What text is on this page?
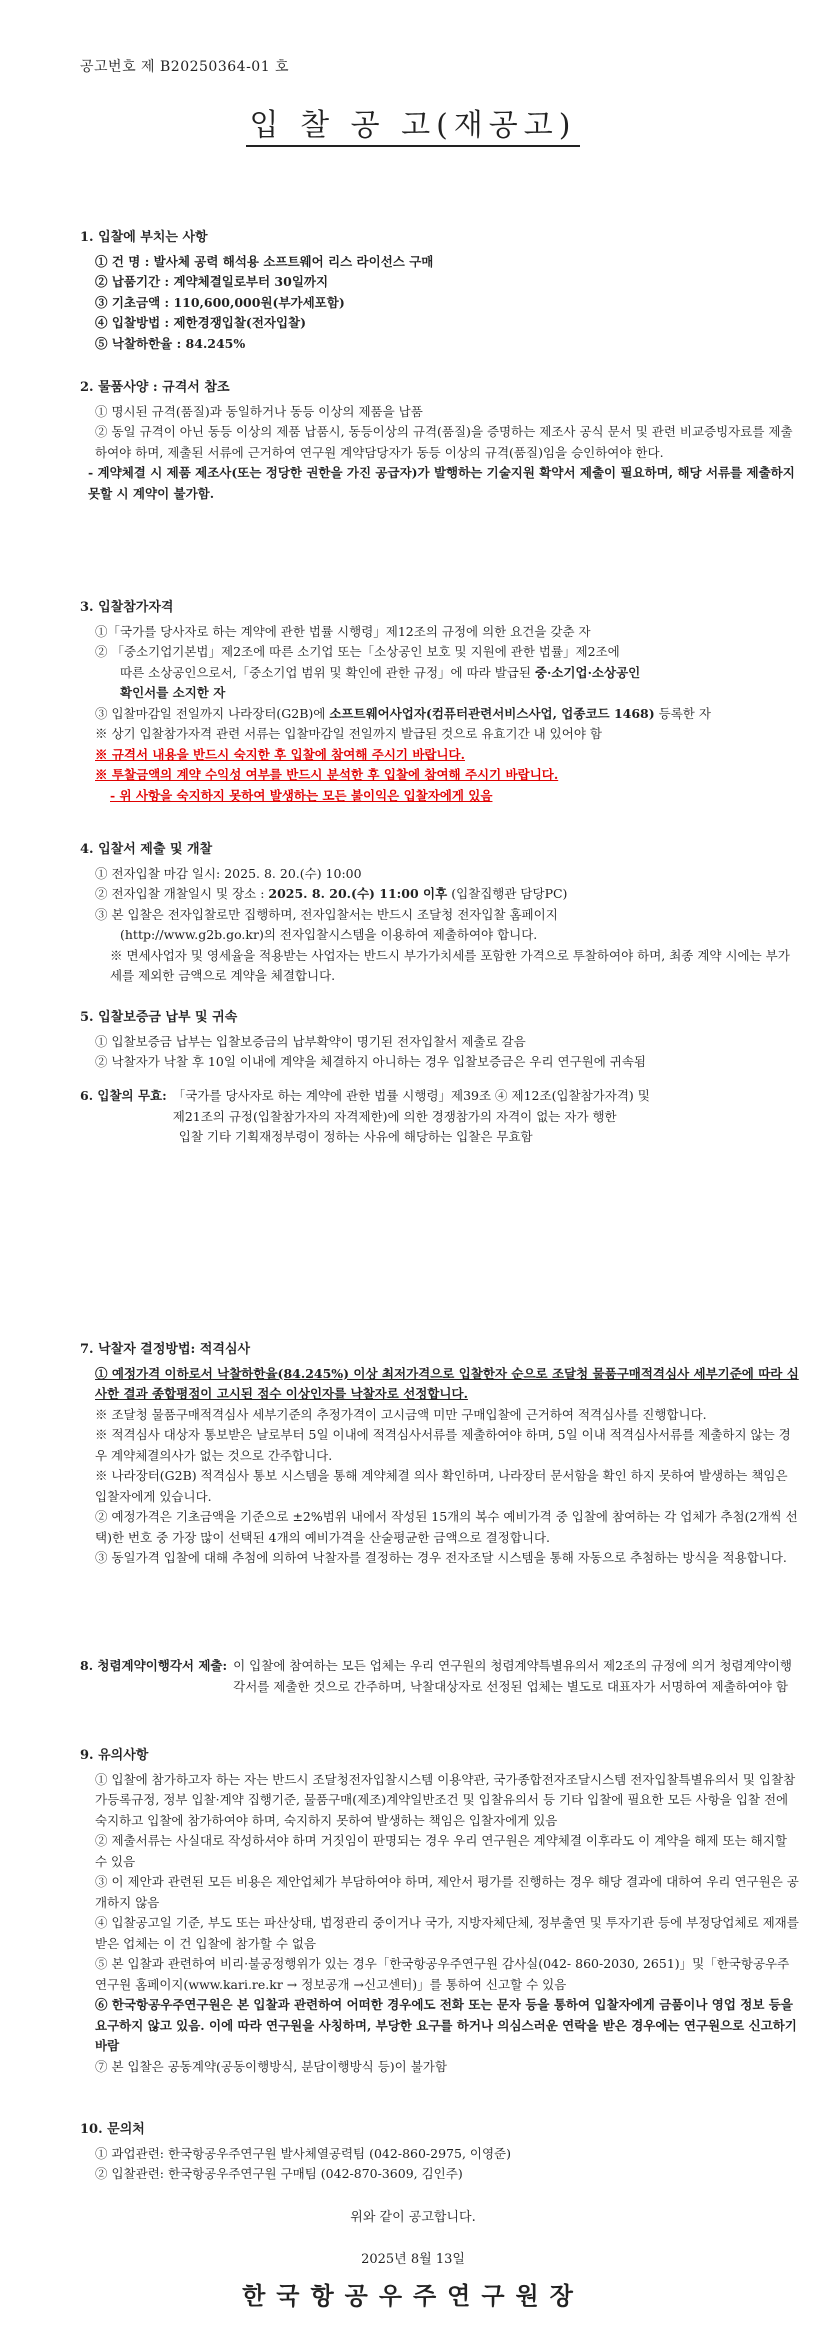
공고번호 제 B20250364-01 호
입 찰 공 고(재공고)
1. 입찰에 부치는 사항
① 건 명 : 발사체 공력 해석용 소프트웨어 리스 라이선스 구매
② 납품기간 : 계약체결일로부터 30일까지
③ 기초금액 : 110,600,000원(부가세포함)
④ 입찰방법 : 제한경쟁입찰(전자입찰)
⑤ 낙찰하한율 : 84.245%
2. 물품사양 : 규격서 참조
① 명시된 규격(품질)과 동일하거나 동등 이상의 제품을 납품
② 동일 규격이 아닌 동등 이상의 제품 납품시, 동등이상의 규격(품질)을 증명하는 제조사 공식 문서 및 관련 비교증빙자료를 제출 하여야 하며, 제출된 서류에 근거하여 연구원 계약담당자가 동등 이상의 규격(품질)임을 승인하여야 한다.
- 계약체결 시 제품 제조사(또는 정당한 권한을 가진 공급자)가 발행하는 기술지원 확약서 제출이 필요하며, 해당 서류를 제출하지 못할 시 계약이 불가함.
3. 입찰참가자격
①「국가를 당사자로 하는 계약에 관한 법률 시행령」제12조의 규정에 의한 요건을 갖춘 자
② 「중소기업기본법」제2조에 따른 소기업 또는「소상공인 보호 및 지원에 관한 법률」제2조에
따른 소상공인으로서,「중소기업 범위 및 확인에 관한 규정」에 따라 발급된 중·소기업·소상공인
확인서를 소지한 자
③ 입찰마감일 전일까지 나라장터(G2B)에 소프트웨어사업자(컴퓨터관련서비스사업, 업종코드 1468) 등록한 자
※ 상기 입찰참가자격 관련 서류는 입찰마감일 전일까지 발급된 것으로 유효기간 내 있어야 함
※ 규격서 내용을 반드시 숙지한 후 입찰에 참여해 주시기 바랍니다.
※ 투찰금액의 계약 수익성 여부를 반드시 분석한 후 입찰에 참여해 주시기 바랍니다.
- 위 사항을 숙지하지 못하여 발생하는 모든 불이익은 입찰자에게 있음
4. 입찰서 제출 및 개찰
① 전자입찰 마감 일시: 2025. 8. 20.(수) 10:00
② 전자입찰 개찰일시 및 장소 : 2025. 8. 20.(수) 11:00 이후 (입찰집행관 담당PC)
③ 본 입찰은 전자입찰로만 집행하며, 전자입찰서는 반드시 조달청 전자입찰 홈페이지
(http://www.g2b.go.kr)의 전자입찰시스템을 이용하여 제출하여야 합니다.
※ 면세사업자 및 영세율을 적용받는 사업자는 반드시 부가가치세를 포함한 가격으로 투찰하여야 하며, 최종 계약 시에는 부가세를 제외한 금액으로 계약을 체결합니다.
5. 입찰보증금 납부 및 귀속
① 입찰보증금 납부는 입찰보증금의 납부확약이 명기된 전자입찰서 제출로 갈음
② 낙찰자가 낙찰 후 10일 이내에 계약을 체결하지 아니하는 경우 입찰보증금은 우리 연구원에 귀속됨
6. 입찰의 무효: 「국가를 당사자로 하는 계약에 관한 법률 시행령」제39조 ④ 제12조(입찰참가자격) 및
제21조의 규정(입찰참가자의 자격제한)에 의한 경쟁참가의 자격이 없는 자가 행한
입찰 기타 기획재정부령이 정하는 사유에 해당하는 입찰은 무효함
7. 낙찰자 결정방법: 적격심사
① 예정가격 이하로서 낙찰하한율(84.245%) 이상 최저가격으로 입찰한자 순으로 조달청 물품구매적격심사 세부기준에 따라 심사한 결과 종합평점이 고시된 점수 이상인자를 낙찰자로 선정합니다.
※ 조달청 물품구매적격심사 세부기준의 추정가격이 고시금액 미만 구매입찰에 근거하여 적격심사를 진행합니다.
※ 적격심사 대상자 통보받은 날로부터 5일 이내에 적격심사서류를 제출하여야 하며, 5일 이내 적격심사서류를 제출하지 않는 경우 계약체결의사가 없는 것으로 간주합니다.
※ 나라장터(G2B) 적격심사 통보 시스템을 통해 계약체결 의사 확인하며, 나라장터 문서함을 확인 하지 못하여 발생하는 책임은 입찰자에게 있습니다.
② 예정가격은 기초금액을 기준으로 ±2%범위 내에서 작성된 15개의 복수 예비가격 중 입찰에 참여하는 각 업체가 추첨(2개씩 선택)한 번호 중 가장 많이 선택된 4개의 예비가격을 산술평균한 금액으로 결정합니다.
③ 동일가격 입찰에 대해 추첨에 의하여 낙찰자를 결정하는 경우 전자조달 시스템을 통해 자동으로 추첨하는 방식을 적용합니다.
8. 청렴계약이행각서 제출: 이 입찰에 참여하는 모든 업체는 우리 연구원의 청렴계약특별유의서 제2조의 규정에 의거 청렴계약이행각서를 제출한 것으로 간주하며, 낙찰대상자로 선정된 업체는 별도로 대표자가 서명하여 제출하여야 함
9. 유의사항
① 입찰에 참가하고자 하는 자는 반드시 조달청전자입찰시스템 이용약관, 국가종합전자조달시스템 전자입찰특별유의서 및 입찰참가등록규정, 정부 입찰·계약 집행기준, 물품구매(제조)계약일반조건 및 입찰유의서 등 기타 입찰에 필요한 모든 사항을 입찰 전에 숙지하고 입찰에 참가하여야 하며, 숙지하지 못하여 발생하는 책임은 입찰자에게 있음
② 제출서류는 사실대로 작성하셔야 하며 거짓임이 판명되는 경우 우리 연구원은 계약체결 이후라도 이 계약을 해제 또는 해지할 수 있음
③ 이 제안과 관련된 모든 비용은 제안업체가 부담하여야 하며, 제안서 평가를 진행하는 경우 해당 결과에 대하여 우리 연구원은 공개하지 않음
④ 입찰공고일 기준, 부도 또는 파산상태, 법정관리 중이거나 국가, 지방자체단체, 정부출연 및 투자기관 등에 부정당업체로 제재를 받은 업체는 이 건 입찰에 참가할 수 없음
⑤ 본 입찰과 관련하여 비리·불공정행위가 있는 경우「한국항공우주연구원 감사실(042- 860-2030, 2651)」및「한국항공우주연구원 홈페이지(www.kari.re.kr → 정보공개 →신고센터)」를 통하여 신고할 수 있음
⑥ 한국항공우주연구원은 본 입찰과 관련하여 어떠한 경우에도 전화 또는 문자 등을 통하여 입찰자에게 금품이나 영업 정보 등을 요구하지 않고 있음. 이에 따라 연구원을 사칭하며, 부당한 요구를 하거나 의심스러운 연락을 받은 경우에는 연구원으로 신고하기 바람
⑦ 본 입찰은 공동계약(공동이행방식, 분담이행방식 등)이 불가함
10. 문의처
① 과업관련: 한국항공우주연구원 발사체열공력팀 (042-860-2975, 이영준)
② 입찰관련: 한국항공우주연구원 구매팀 (042-870-3609, 김인주)
위와 같이 공고합니다.
2025년 8월 13일
한국항공우주연구원장
